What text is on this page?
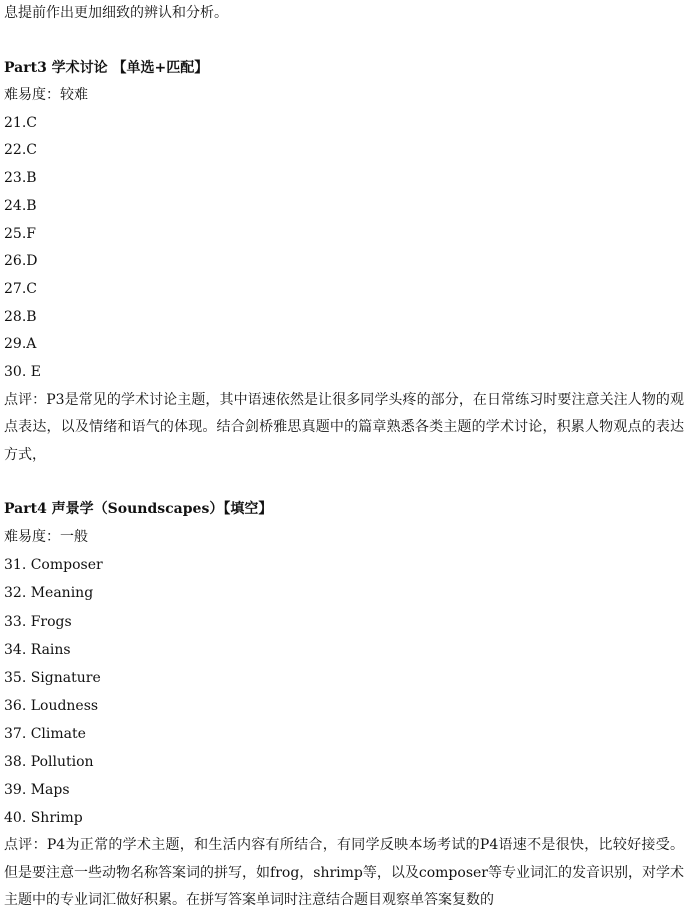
息提前作出更加细致的辨认和分析。
Part3 学术讨论 【单选+匹配】
难易度：较难
21.C
22.C
23.B
24.B
25.F
26.D
27.C
28.B
29.A
30. E

点评：P3是常见的学术讨论主题，其中语速依然是让很多同学头疼的部分，在日常练习时要注意关注人物的观点表达，以及情绪和语气的体现。结合剑桥雅思真题中的篇章熟悉各类主题的学术讨论，积累人物观点的表达方式，

Part4 声景学（Soundscapes）【填空】
难易度：一般
31. Composer
32. Meaning
33. Frogs
34. Rains
35. Signature
36. Loudness
37. Climate
38. Pollution
39. Maps
40. Shrimp

点评：P4为正常的学术主题，和生活内容有所结合，有同学反映本场考试的P4语速不是很快，比较好接受。但是要注意一些动物名称答案词的拼写，如frog，shrimp等，以及composer等专业词汇的发音识别，对学术主题中的专业词汇做好积累。在拼写答案单词时注意结合题目观察单答案复数的
